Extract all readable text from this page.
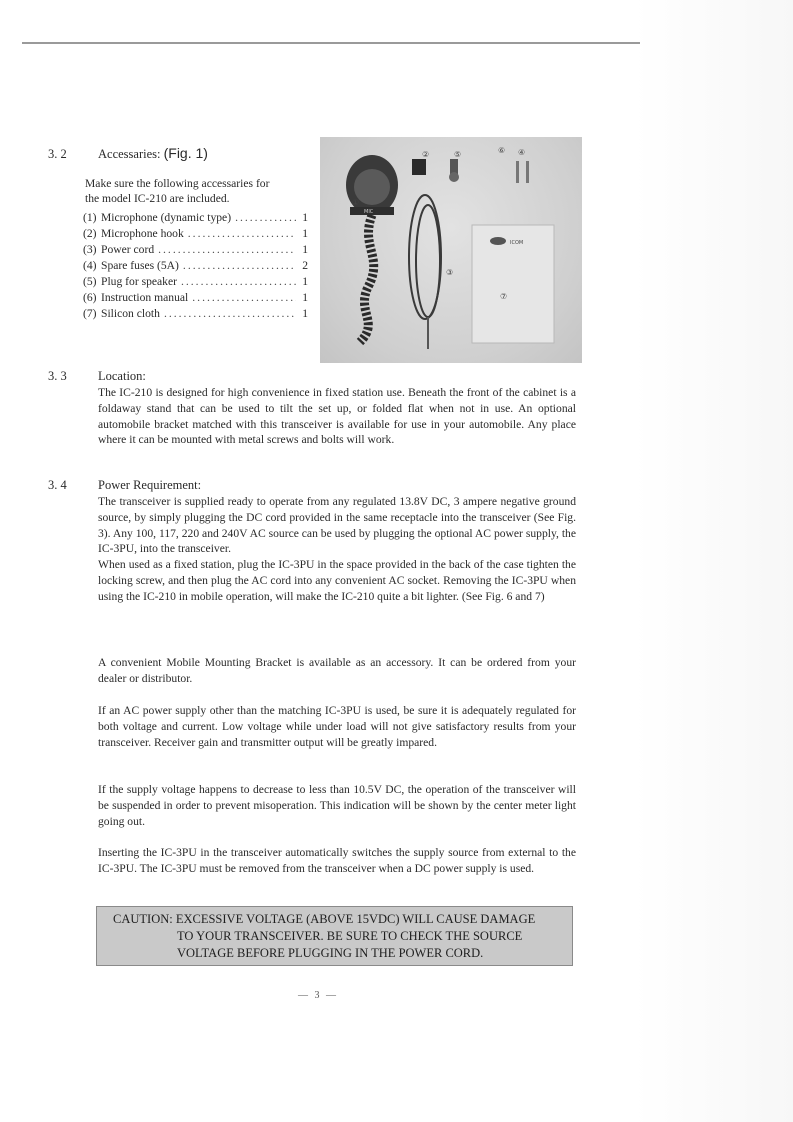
3. 2	Accessaries: (Fig. 1)
Make sure the following accessaries for
the model IC-210 are included.
(1) Microphone (dynamic type) .....	1
(2) Microphone hook .....	1
(3) Power cord .....	1
(4) Spare fuses (5A) .....	2
(5) Plug for speaker .....	1
(6) Instruction manual .....	1
(7) Silicon cloth .....	1
①
②
③
④
⑤	⑥
⑦
MIC
ICOM
3. 3	Location:

The IC-210 is designed for high convenience in fixed station use. Beneath the front of the cabinet is a foldaway stand that can be used to tilt the set up, or folded flat when not in use. An optional automobile bracket matched with this transceiver is available for use in your automobile. Any place where it can be mounted with metal screws and bolts will work.

3. 4	Power Requirement:

The transceiver is supplied ready to operate from any regulated 13.8V DC, 3 ampere negative ground source, by simply plugging the DC cord provided in the same receptacle into the transceiver (See Fig. 3). Any 100, 117, 220 and 240V AC source can be used by plugging the optional AC power supply, the IC-3PU, into the transceiver.

When used as a fixed station, plug the IC-3PU in the space provided in the back of the case tighten the locking screw, and then plug the AC cord into any convenient AC socket. Removing the IC-3PU when using the IC-210 in mobile operation, will make the IC-210 quite a bit lighter. (See Fig. 6 and 7)

A convenient Mobile Mounting Bracket is available as an accessory. It can be ordered from your dealer or distributor.

If an AC power supply other than the matching IC-3PU is used, be sure it is adequately regulated for both voltage and current. Low voltage while under load will not give satisfactory results from your transceiver. Receiver gain and transmitter output will be greatly impared.

If the supply voltage happens to decrease to less than 10.5V DC, the operation of the transceiver will be suspended in order to prevent misoperation. This indication will be shown by the center meter light going out.

Inserting the IC-3PU in the transceiver automatically switches the supply source from external to the IC-3PU. The IC-3PU must be removed from the transceiver when a DC power supply is used.

CAUTION: EXCESSIVE VOLTAGE (ABOVE 15VDC) WILL CAUSE DAMAGE
TO YOUR TRANSCEIVER. BE SURE TO CHECK THE SOURCE
VOLTAGE BEFORE PLUGGING IN THE POWER CORD.
— 3 —
